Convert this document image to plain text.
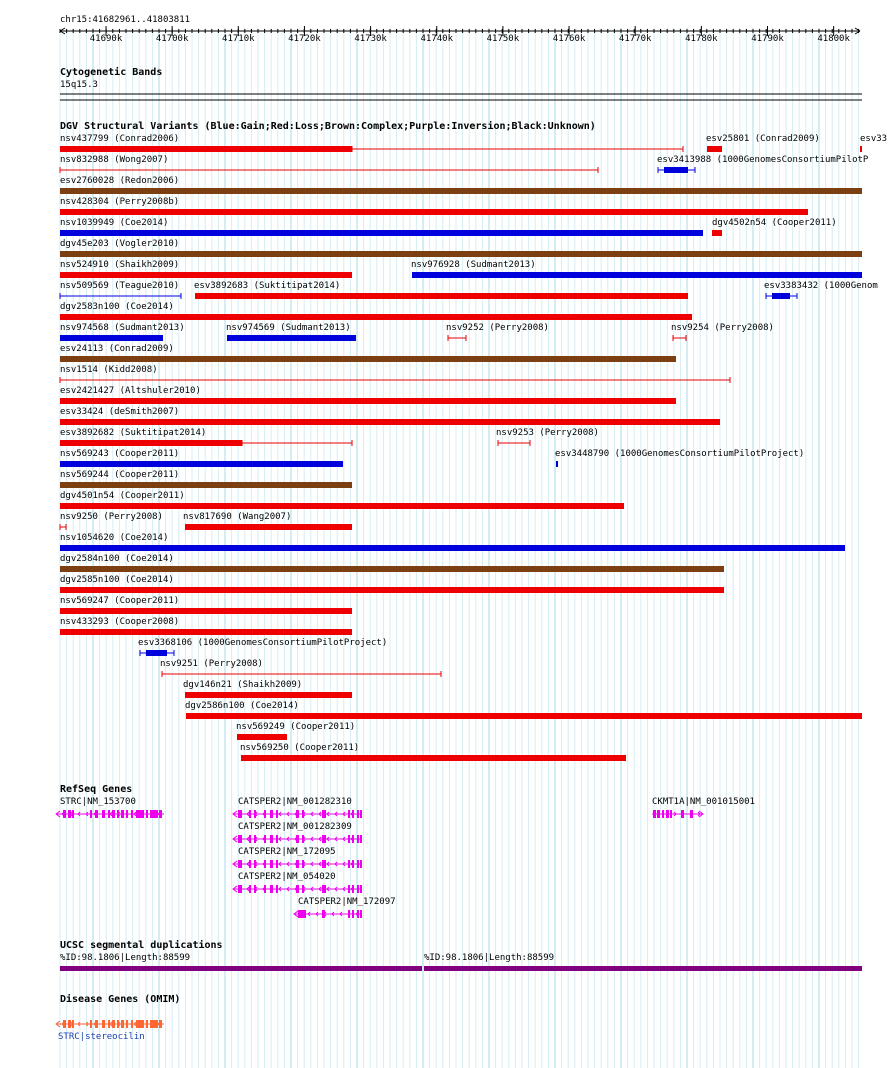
chr15:41682961..41803811
41690k	41700k	41710k	41720k	41730k	41740k	41750k	41760k	41770k	41780k	41790k	41800k
Cytogenetic Bands
15q15.3
DGV Structural Variants (Blue:Gain;Red:Loss;Brown:Complex;Purple:Inversion;Black:Unknown)
nsv437799 (Conrad2006)	esv25801 (Conrad2009)	esv33
nsv832988 (Wong2007)	esv3413988 (1000GenomesConsortiumPilotP
esv2760028 (Redon2006)
nsv428304 (Perry2008b)
nsv1039949 (Coe2014)	dgv4502n54 (Cooper2011)
dgv45e203 (Vogler2010)
nsv524910 (Shaikh2009)	nsv976928 (Sudmant2013)
nsv509569 (Teague2010) esv3892683 (Suktitipat2014)	esv3383432 (1000Genom
dgv2583n100 (Coe2014)
nsv974568 (Sudmant2013)	nsv974569 (Sudmant2013)	nsv9252 (Perry2008)	nsv9254 (Perry2008)
esv24113 (Conrad2009)
nsv1514 (Kidd2008)
esv2421427 (Altshuler2010)
esv33424 (deSmith2007)
esv3892682 (Suktitipat2014)	nsv9253 (Perry2008)
nsv569243 (Cooper2011)	esv3448790 (1000GenomesConsortiumPilotProject)
nsv569244 (Cooper2011)
dgv4501n54 (Cooper2011)
nsv9250 (Perry2008) nsv817690 (Wang2007)
nsv1054620 (Coe2014)
dgv2584n100 (Coe2014)
dgv2585n100 (Coe2014)
nsv569247 (Cooper2011)
nsv433293 (Cooper2008)
esv3368106 (1000GenomesConsortiumPilotProject)
nsv9251 (Perry2008)
dgv146n21 (Shaikh2009)
dgv2586n100 (Coe2014)
nsv569249 (Cooper2011)
nsv569250 (Cooper2011)
RefSeq Genes
STRC|NM_153700	CATSPER2|NM_001282310
CATSPER2|NM_001282309
CATSPER2|NM_172095
CATSPER2|NM_054020
CATSPER2|NM_172097
CKMT1A|NM_001015001
UCSC segmental duplications
%ID:98.1806|Length:88599	%ID:98.1806|Length:88599
Disease Genes (OMIM)
STRC|stereocilin
